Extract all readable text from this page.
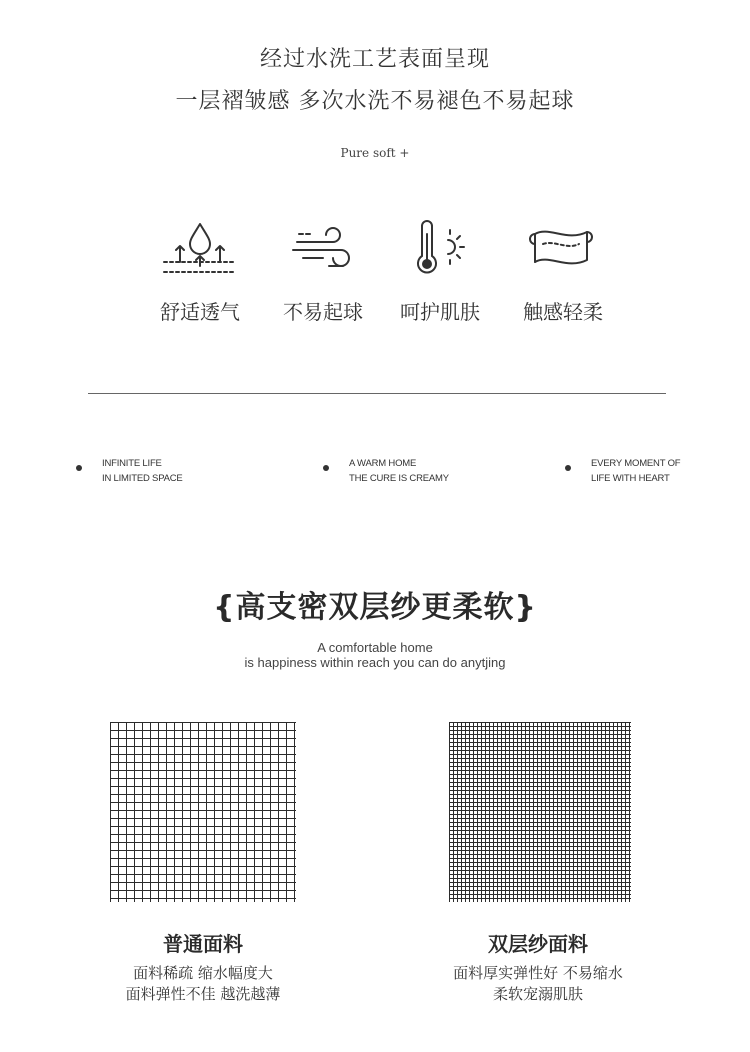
经过水洗工艺表面呈现
一层褶皱感 多次水洗不易褪色不易起球
Pure soft +
舒适透气	不易起球	呵护肌肤	触感轻柔
INFINITE LIFE
IN LIMITED SPACE
A WARM HOME
THE CURE IS CREAMY
EVERY MOMENT OF
LIFE WITH HEART
{高支密双层纱更柔软}
A comfortable home
is happiness within reach you can do anytjing
普通面料
面料稀疏 缩水幅度大
面料弹性不佳 越洗越薄
双层纱面料
面料厚实弹性好 不易缩水
柔软宠溺肌肤
